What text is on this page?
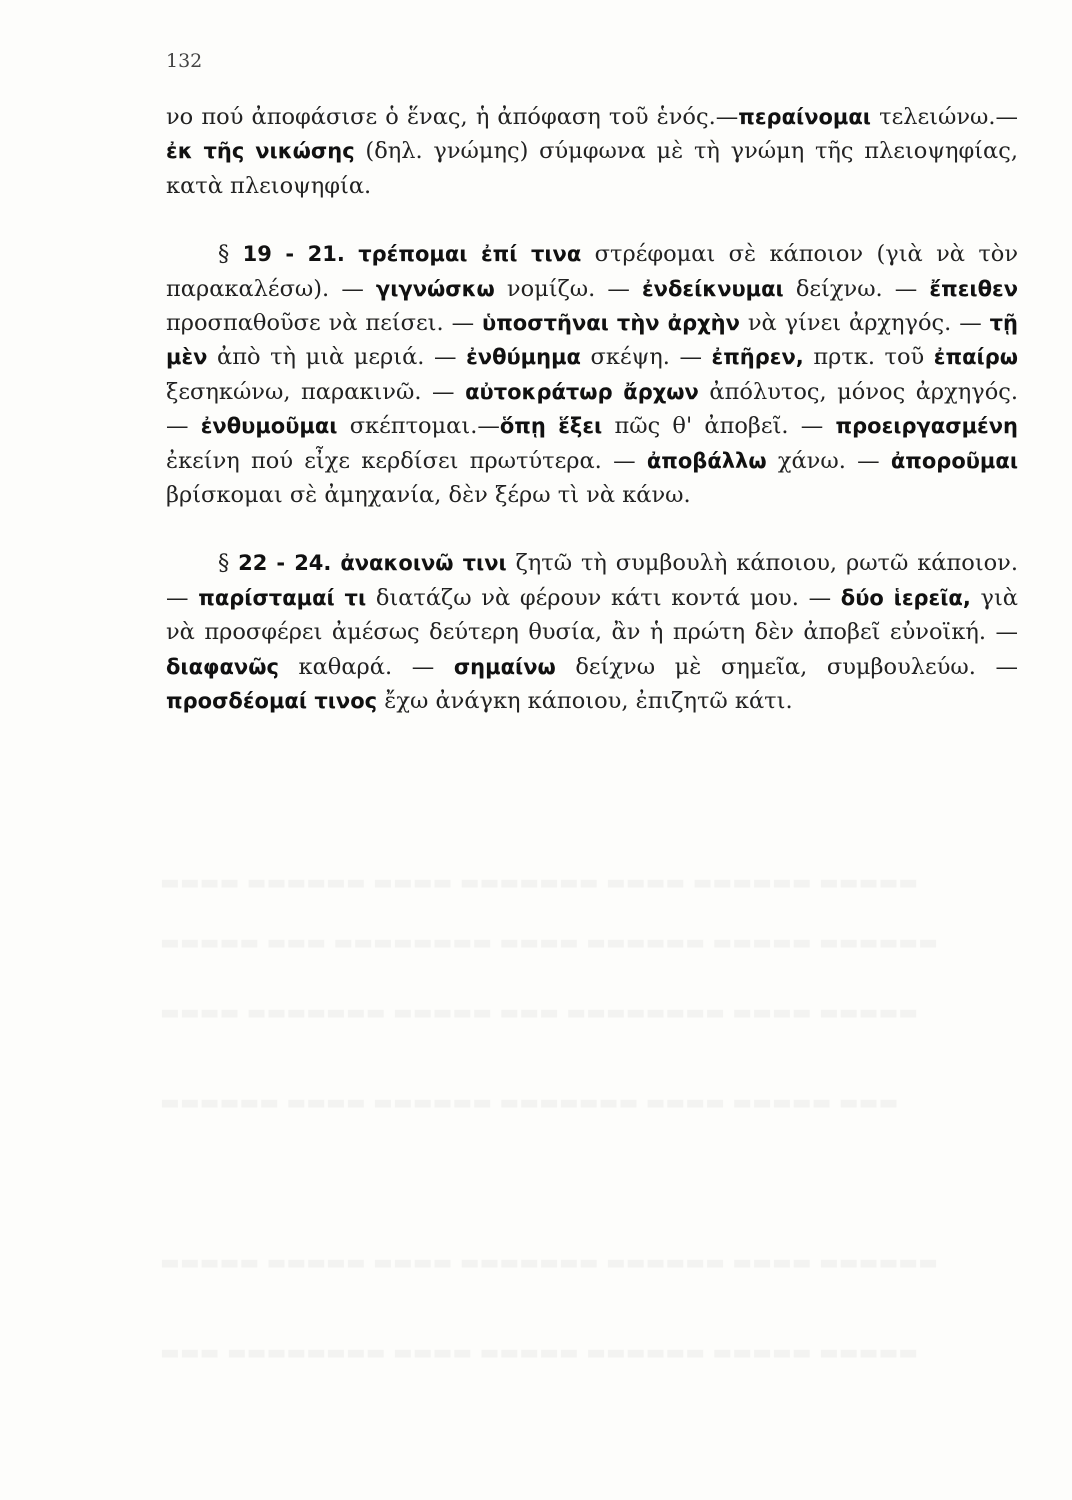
132

νο πού ἀποφάσισε ὁ ἕνας, ἡ ἀπόφαση τοῦ ἑνός.—περαίνομαι τελειώνω.— ἐκ τῆς νικώσης (δηλ. γνώμης) σύμφωνα μὲ τὴ γνώμη τῆς πλειοψηφίας, κατὰ πλειοψηφία.

§ 19 - 21. τρέπομαι ἐπί τινα στρέφομαι σὲ κάποιον (γιὰ νὰ τὸν παρακαλέσω). — γιγνώσκω νομίζω. — ἐνδείκνυμαι δείχνω. — ἔπειθεν προσπαθοῦσε νὰ πείσει. — ὑποστῆναι τὴν ἀρχὴν νὰ γίνει ἀρχηγός. — τῇ μὲν ἀπὸ τὴ μιὰ μεριά. — ἐνθύμημα σκέψη. — ἐπῆρεν, πρτκ. τοῦ ἐπαίρω ξεσηκώνω, παρακινῶ. — αὐτοκράτωρ ἄρχων ἀπόλυτος, μόνος ἀρχηγός. — ἐνθυμοῦμαι σκέπτομαι.—ὅπῃ ἕξει πῶς θ' ἀποβεῖ. — προειργασμένη ἐκείνη πού εἶχε κερδίσει πρωτύτερα. — ἀποβάλλω χάνω. — ἀποροῦμαι βρίσκομαι σὲ ἀμηχανία, δὲν ξέρω τὶ νὰ κάνω.

§ 22 - 24. ἀνακοινῶ τινι ζητῶ τὴ συμβουλὴ κάποιου, ρωτῶ κάποιον. — παρίσταμαί τι διατάζω νὰ φέρουν κάτι κοντά μου. — δύο ἱερεῖα, γιὰ νὰ προσφέρει ἀμέσως δεύτερη θυσία, ἂν ἡ πρώτη δὲν ἀποβεῖ εὐνοϊκή. — διαφανῶς καθαρά. — σημαίνω δείχνω μὲ σημεῖα, συμβουλεύω. — προσδέομαί τινος ἔχω ἀνάγκη κάποιου, ἐπιζητῶ κάτι.
